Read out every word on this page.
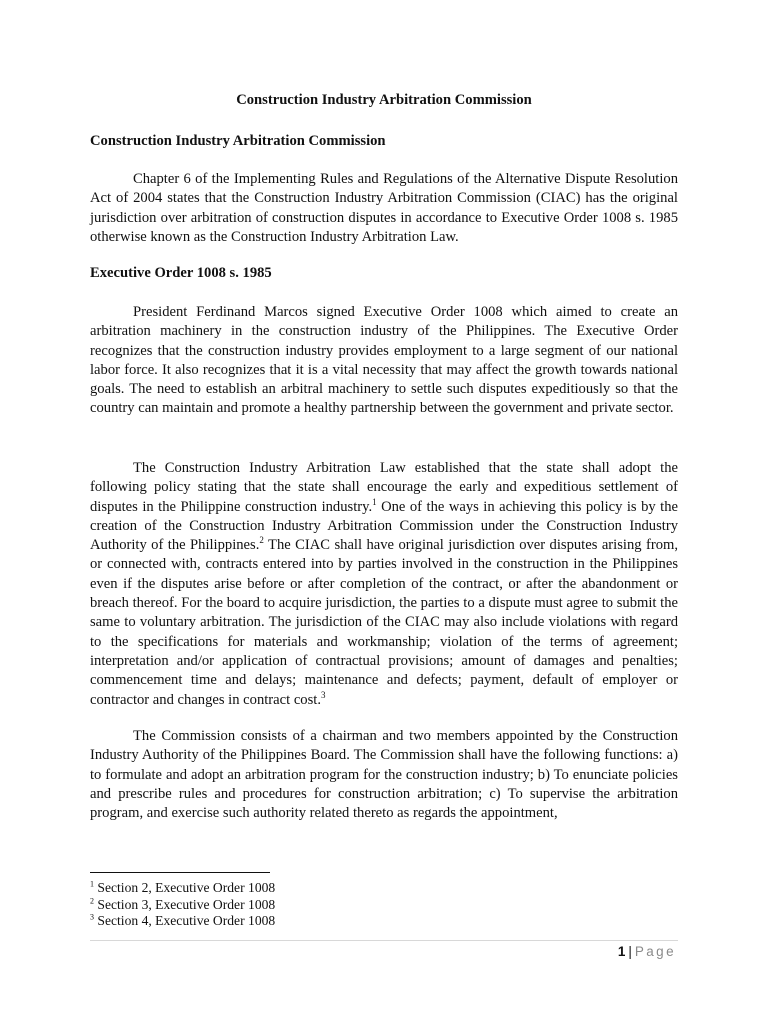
Construction Industry Arbitration Commission
Construction Industry Arbitration Commission

Chapter 6 of the Implementing Rules and Regulations of the Alternative Dispute Resolution Act of 2004 states that the Construction Industry Arbitration Commission (CIAC) has the original jurisdiction over arbitration of construction disputes in accordance to Executive Order 1008 s. 1985 otherwise known as the Construction Industry Arbitration Law.

Executive Order 1008 s. 1985

President Ferdinand Marcos signed Executive Order 1008 which aimed to create an arbitration machinery in the construction industry of the Philippines. The Executive Order recognizes that the construction industry provides employment to a large segment of our national labor force. It also recognizes that it is a vital necessity that may affect the growth towards national goals. The need to establish an arbitral machinery to settle such disputes expeditiously so that the country can maintain and promote a healthy partnership between the government and private sector.

The Construction Industry Arbitration Law established that the state shall adopt the following policy stating that the state shall encourage the early and expeditious settlement of disputes in the Philippine construction industry.$^1$ One of the ways in achieving this policy is by the creation of the Construction Industry Arbitration Commission under the Construction Industry Authority of the Philippines.$^2$ The CIAC shall have original jurisdiction over disputes arising from, or connected with, contracts entered into by parties involved in the construction in the Philippines even if the disputes arise before or after completion of the contract, or after the abandonment or breach thereof. For the board to acquire jurisdiction, the parties to a dispute must agree to submit the same to voluntary arbitration. The jurisdiction of the CIAC may also include violations with regard to the specifications for materials and workmanship; violation of the terms of agreement; interpretation and/or application of contractual provisions; amount of damages and penalties; commencement time and delays; maintenance and defects; payment, default of employer or contractor and changes in contract cost.$^3$

The Commission consists of a chairman and two members appointed by the Construction Industry Authority of the Philippines Board. The Commission shall have the following functions: a) to formulate and adopt an arbitration program for the construction industry; b) To enunciate policies and prescribe rules and procedures for construction arbitration; c) To supervise the arbitration program, and exercise such authority related thereto as regards the appointment,

$^1$ Section 2, Executive Order 1008
$^2$ Section 3, Executive Order 1008
$^3$ Section 4, Executive Order 1008
1 | Page
